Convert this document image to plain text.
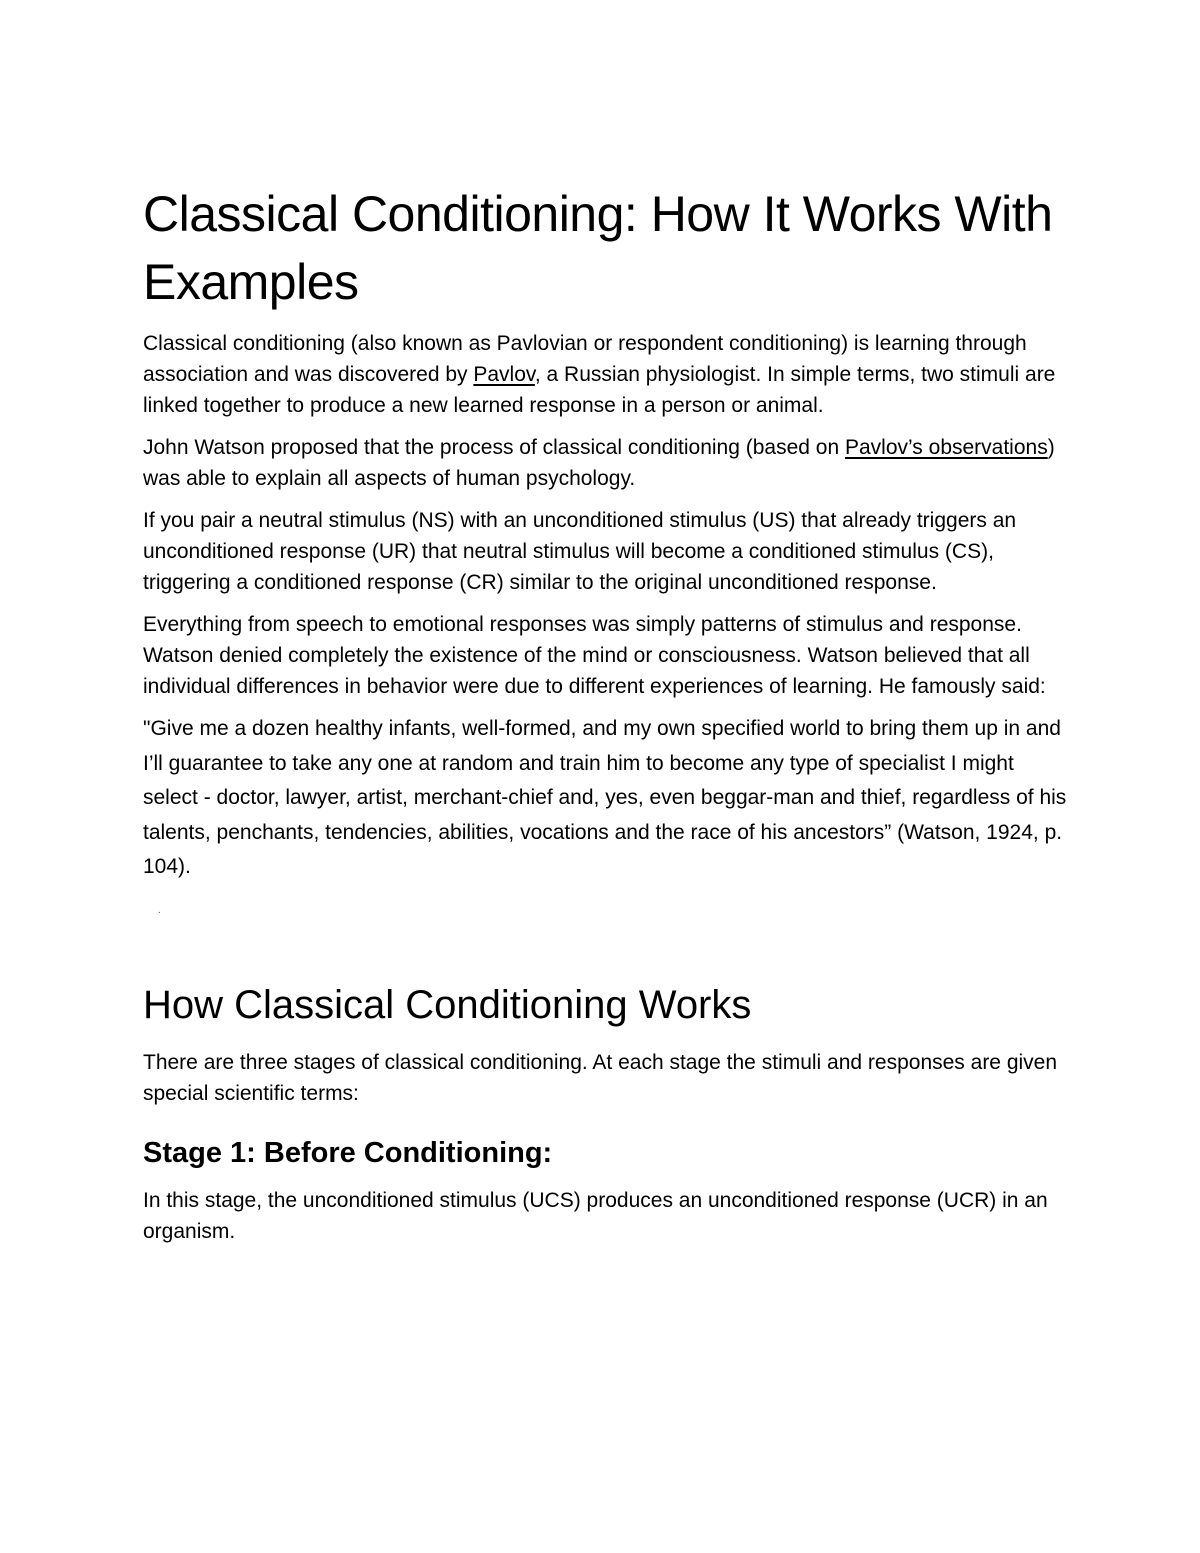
Classical Conditioning: How It Works With Examples

Classical conditioning (also known as Pavlovian or respondent conditioning) is learning through association and was discovered by Pavlov, a Russian physiologist. In simple terms, two stimuli are linked together to produce a new learned response in a person or animal.

John Watson proposed that the process of classical conditioning (based on Pavlov’s observations) was able to explain all aspects of human psychology.

If you pair a neutral stimulus (NS) with an unconditioned stimulus (US) that already triggers an unconditioned response (UR) that neutral stimulus will become a conditioned stimulus (CS), triggering a conditioned response (CR) similar to the original unconditioned response.

Everything from speech to emotional responses was simply patterns of stimulus and response. Watson denied completely the existence of the mind or consciousness. Watson believed that all individual differences in behavior were due to different experiences of learning. He famously said:

"Give me a dozen healthy infants, well-formed, and my own specified world to bring them up in and I’ll guarantee to take any one at random and train him to become any type of specialist I might select - doctor, lawyer, artist, merchant-chief and, yes, even beggar-man and thief, regardless of his talents, penchants, tendencies, abilities, vocations and the race of his ancestors” (Watson, 1924, p. 104).

.
How Classical Conditioning Works

There are three stages of classical conditioning. At each stage the stimuli and responses are given special scientific terms:

Stage 1: Before Conditioning:

In this stage, the unconditioned stimulus (UCS) produces an unconditioned response (UCR) in an organism.
